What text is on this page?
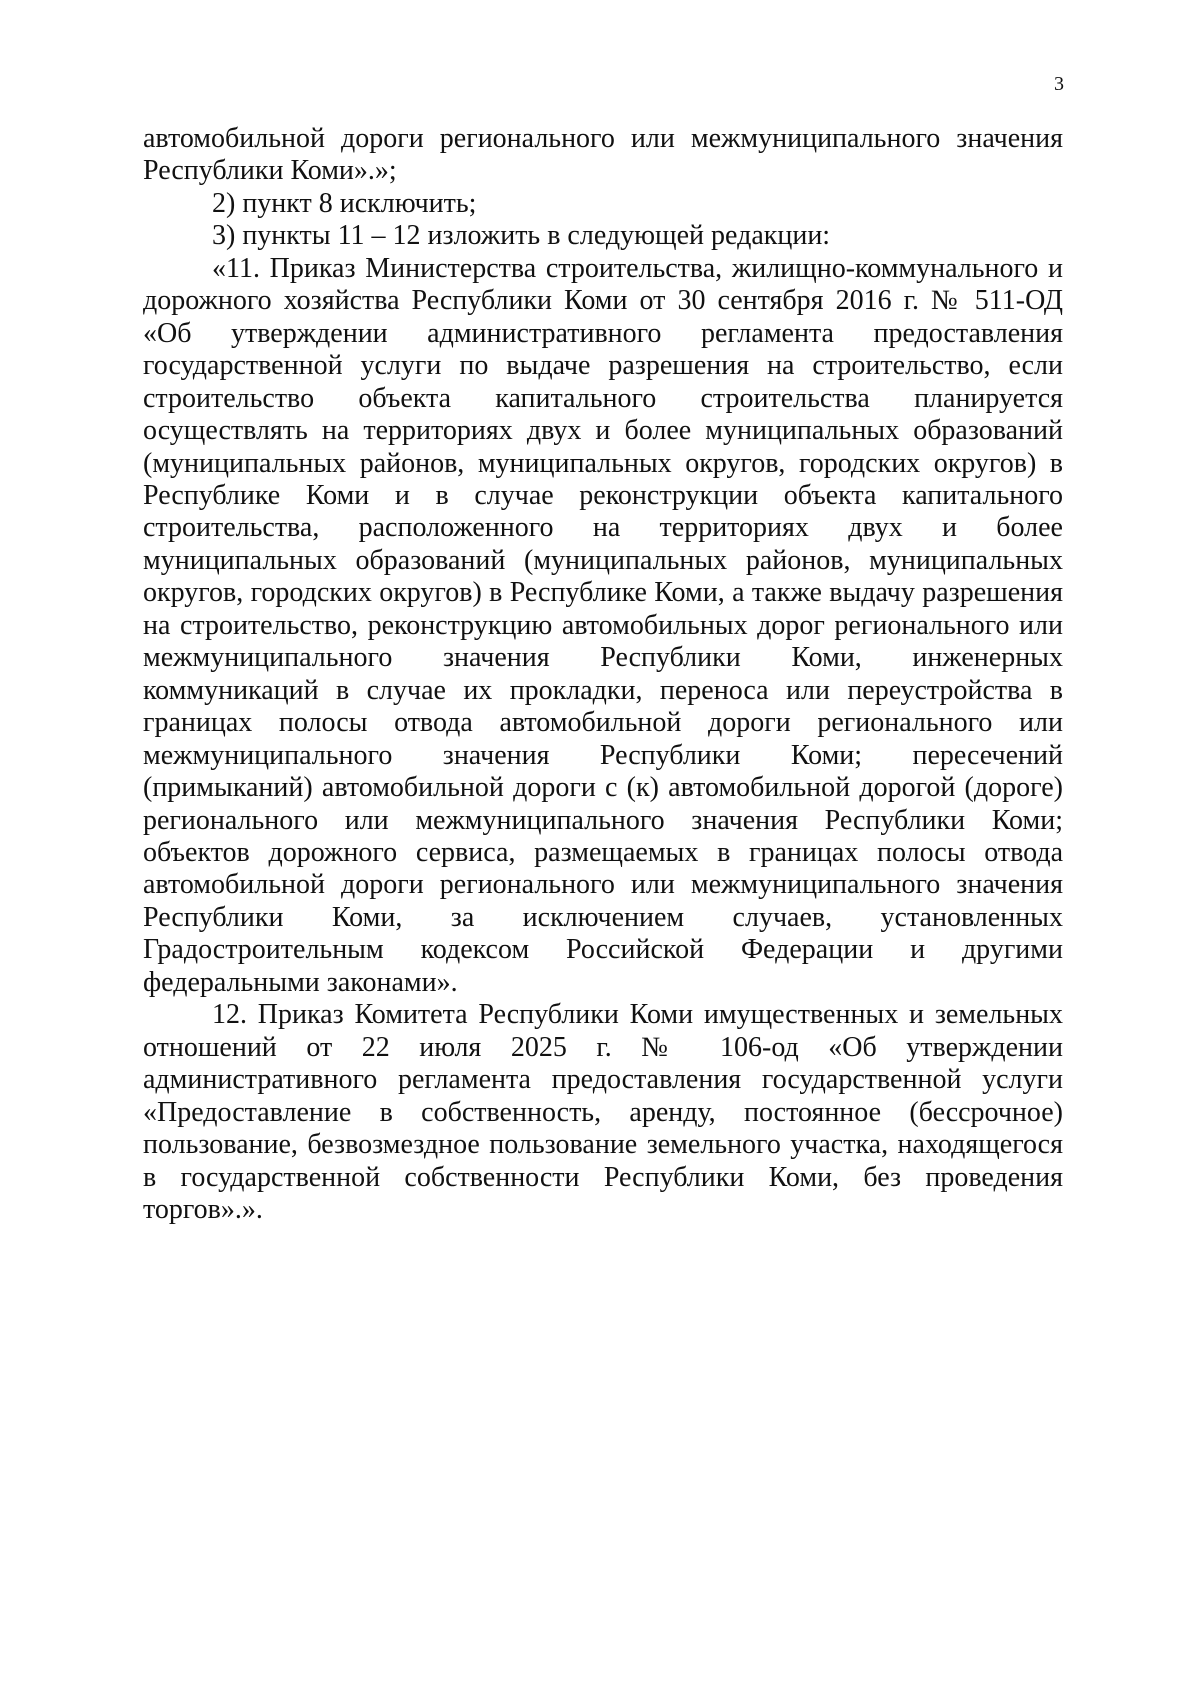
3

автомобильной дороги регионального или межмуниципального значения Республики Коми».»;

2) пункт 8 исключить;

3) пункты 11 – 12 изложить в следующей редакции:

«11. Приказ Министерства строительства, жилищно-коммунального и дорожного хозяйства Республики Коми от 30 сентября 2016 г. № 511-ОД «Об утверждении административного регламента предоставления государственной услуги по выдаче разрешения на строительство, если строительство объекта капитального строительства планируется осуществлять на территориях двух и более муниципальных образований (муниципальных районов, муниципальных округов, городских округов) в Республике Коми и в случае реконструкции объекта капитального строительства, расположенного на территориях двух и более муниципальных образований (муниципальных районов, муниципальных округов, городских округов) в Республике Коми, а также выдачу разрешения на строительство, реконструкцию автомобильных дорог регионального или межмуниципального значения Республики Коми, инженерных коммуникаций в случае их прокладки, переноса или переустройства в границах полосы отвода автомобильной дороги регионального или межмуниципального значения Республики Коми; пересечений (примыканий) автомобильной дороги с (к) автомобильной дорогой (дороге) регионального или межмуниципального значения Республики Коми; объектов дорожного сервиса, размещаемых в границах полосы отвода автомобильной дороги регионального или межмуниципального значения Республики Коми, за исключением случаев, установленных Градостроительным кодексом Российской Федерации и другими федеральными законами».

12. Приказ Комитета Республики Коми имущественных и земельных отношений от 22 июля 2025 г. № 106-од «Об утверждении административного регламента предоставления государственной услуги «Предоставление в собственность, аренду, постоянное (бессрочное) пользование, безвозмездное пользование земельного участка, находящегося в государственной собственности Республики Коми, без проведения торгов».».
